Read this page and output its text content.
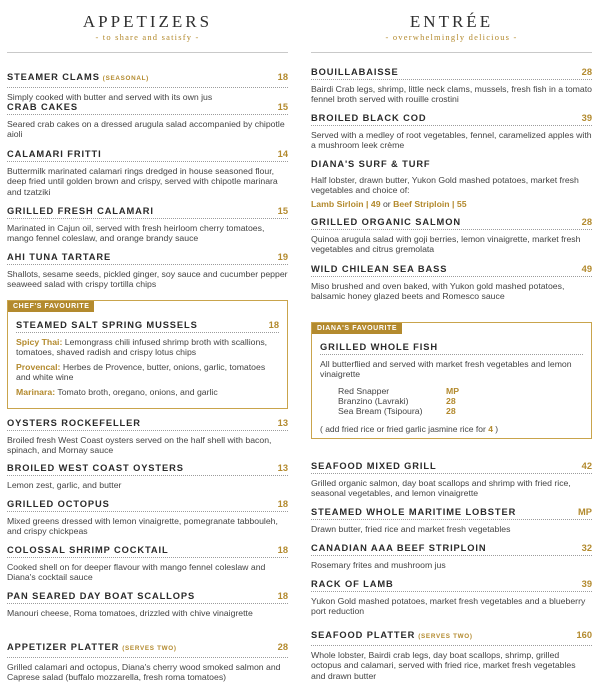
APPETIZERS
- to share and satisfy -
STEAMER CLAMS (SEASONAL)	18
Simply cooked with butter and served with its own jus
CRAB CAKES	15
Seared crab cakes on a dressed arugula salad accompanied by chipotle aioli
CALAMARI FRITTI	14
Buttermilk marinated calamari rings dredged in house seasoned flour, deep fried until golden brown and crispy, served with chipotle marinara and tzatziki
GRILLED FRESH CALAMARI	15
Marinated in Cajun oil, served with fresh heirloom cherry tomatoes, mango fennel coleslaw, and orange brandy sauce
AHI TUNA TARTARE	19
Shallots, sesame seeds, pickled ginger, soy sauce and cucumber pepper seaweed salad with crispy tortilla chips
CHEF'S FAVOURITE
STEAMED SALT SPRING MUSSELS	18
Spicy Thai: Lemongrass chili infused shrimp broth with scallions, tomatoes, shaved radish and crispy lotus chips
Provencal: Herbes de Provence, butter, onions, garlic, tomatoes and white wine
Marinara: Tomato broth, oregano, onions, and garlic
OYSTERS ROCKEFELLER	13
Broiled fresh West Coast oysters served on the half shell with bacon, spinach, and Mornay sauce
BROILED WEST COAST OYSTERS	13
Lemon zest, garlic, and butter
GRILLED OCTOPUS	18
Mixed greens dressed with lemon vinaigrette, pomegranate tabbouleh, and crispy chickpeas
COLOSSAL SHRIMP COCKTAIL	18
Cooked shell on for deeper flavour with mango fennel coleslaw and Diana's cocktail sauce
PAN SEARED DAY BOAT SCALLOPS	18
Manouri cheese, Roma tomatoes, drizzled with chive vinaigrette
APPETIZER PLATTER (SERVES TWO)	28
Grilled calamari and octopus, Diana's cherry wood smoked salmon and Caprese salad (buffalo mozzarella, fresh roma tomatoes)
ENTRÉE
- overwhelmingly delicious -
BOUILLABAISSE	28
Bairdi Crab legs, shrimp, little neck clams, mussels, fresh fish in a tomato fennel broth served with rouille crostini
BROILED BLACK COD	39
Served with a medley of root vegetables, fennel, caramelized apples with a mushroom leek crème
DIANA'S SURF & TURF
Half lobster, drawn butter, Yukon Gold mashed potatoes, market fresh vegetables and choice of:
Lamb Sirloin | 49 or Beef Striploin | 55
GRILLED ORGANIC SALMON	28
Quinoa arugula salad with goji berries, lemon vinaigrette, market fresh vegetables and citrus gremolata
WILD CHILEAN SEA BASS	49
Miso brushed and oven baked, with Yukon gold mashed potatoes, balsamic honey glazed beets and Romesco sauce
DIANA'S FAVOURITE
GRILLED WHOLE FISH
All butterflied and served with market fresh vegetables and lemon vinaigrette
Red Snapper	MP
Branzino (Lavraki)	28
Sea Bream (Tsipoura)	28
( add fried rice or fried garlic jasmine rice for 4 )
SEAFOOD MIXED GRILL	42
Grilled organic salmon, day boat scallops and shrimp with fried rice, seasonal vegetables, and lemon vinaigrette
STEAMED WHOLE MARITIME LOBSTER	MP
Drawn butter, fried rice and market fresh vegetables
CANADIAN AAA BEEF STRIPLOIN	32
Rosemary frites and mushroom jus
RACK OF LAMB	39
Yukon Gold mashed potatoes, market fresh vegetables and a blueberry port reduction
SEAFOOD PLATTER (SERVES TWO)	160
Whole lobster, Bairdi crab legs, day boat scallops, shrimp, grilled octopus and calamari, served with fried rice, market fresh vegetables and drawn butter
